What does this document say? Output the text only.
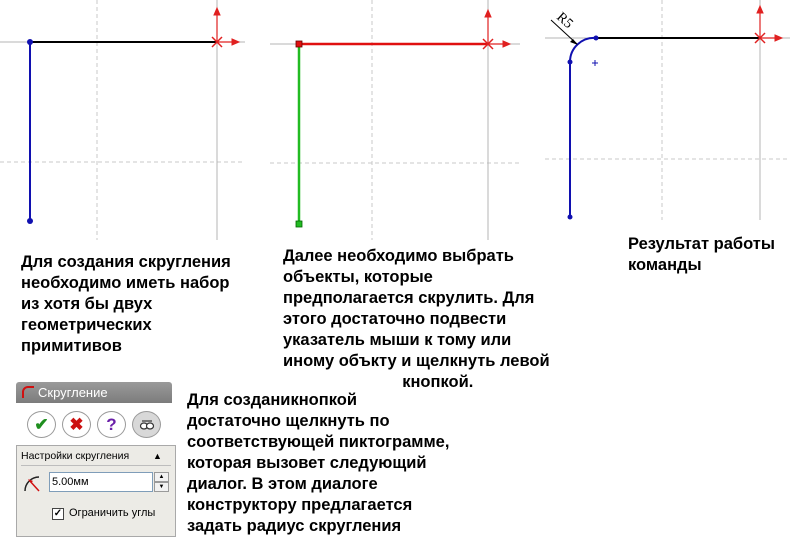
R5
Для создания скругления
необходимо иметь набор
из хотя бы двух
геометрических
примитивов
Далее необходимо выбрать
объекты, которые
предполагается скрулить. Для
этого достаточно подвести
указатель мыши к тому или
иному объкту и щелкнуть левой
кнопкой.
Результат работы
команды
Для созданикнопкой
достаточно щелкнуть по
соответствующей пиктограмме,
которая вызовет следующий
диалог. В этом диалоге
конструктору предлагается
задать радиус скругления
Скругление
✔	✖	?
Настройки скругления	▲
5.00мм
▲
▼
✓ Ограничить углы
